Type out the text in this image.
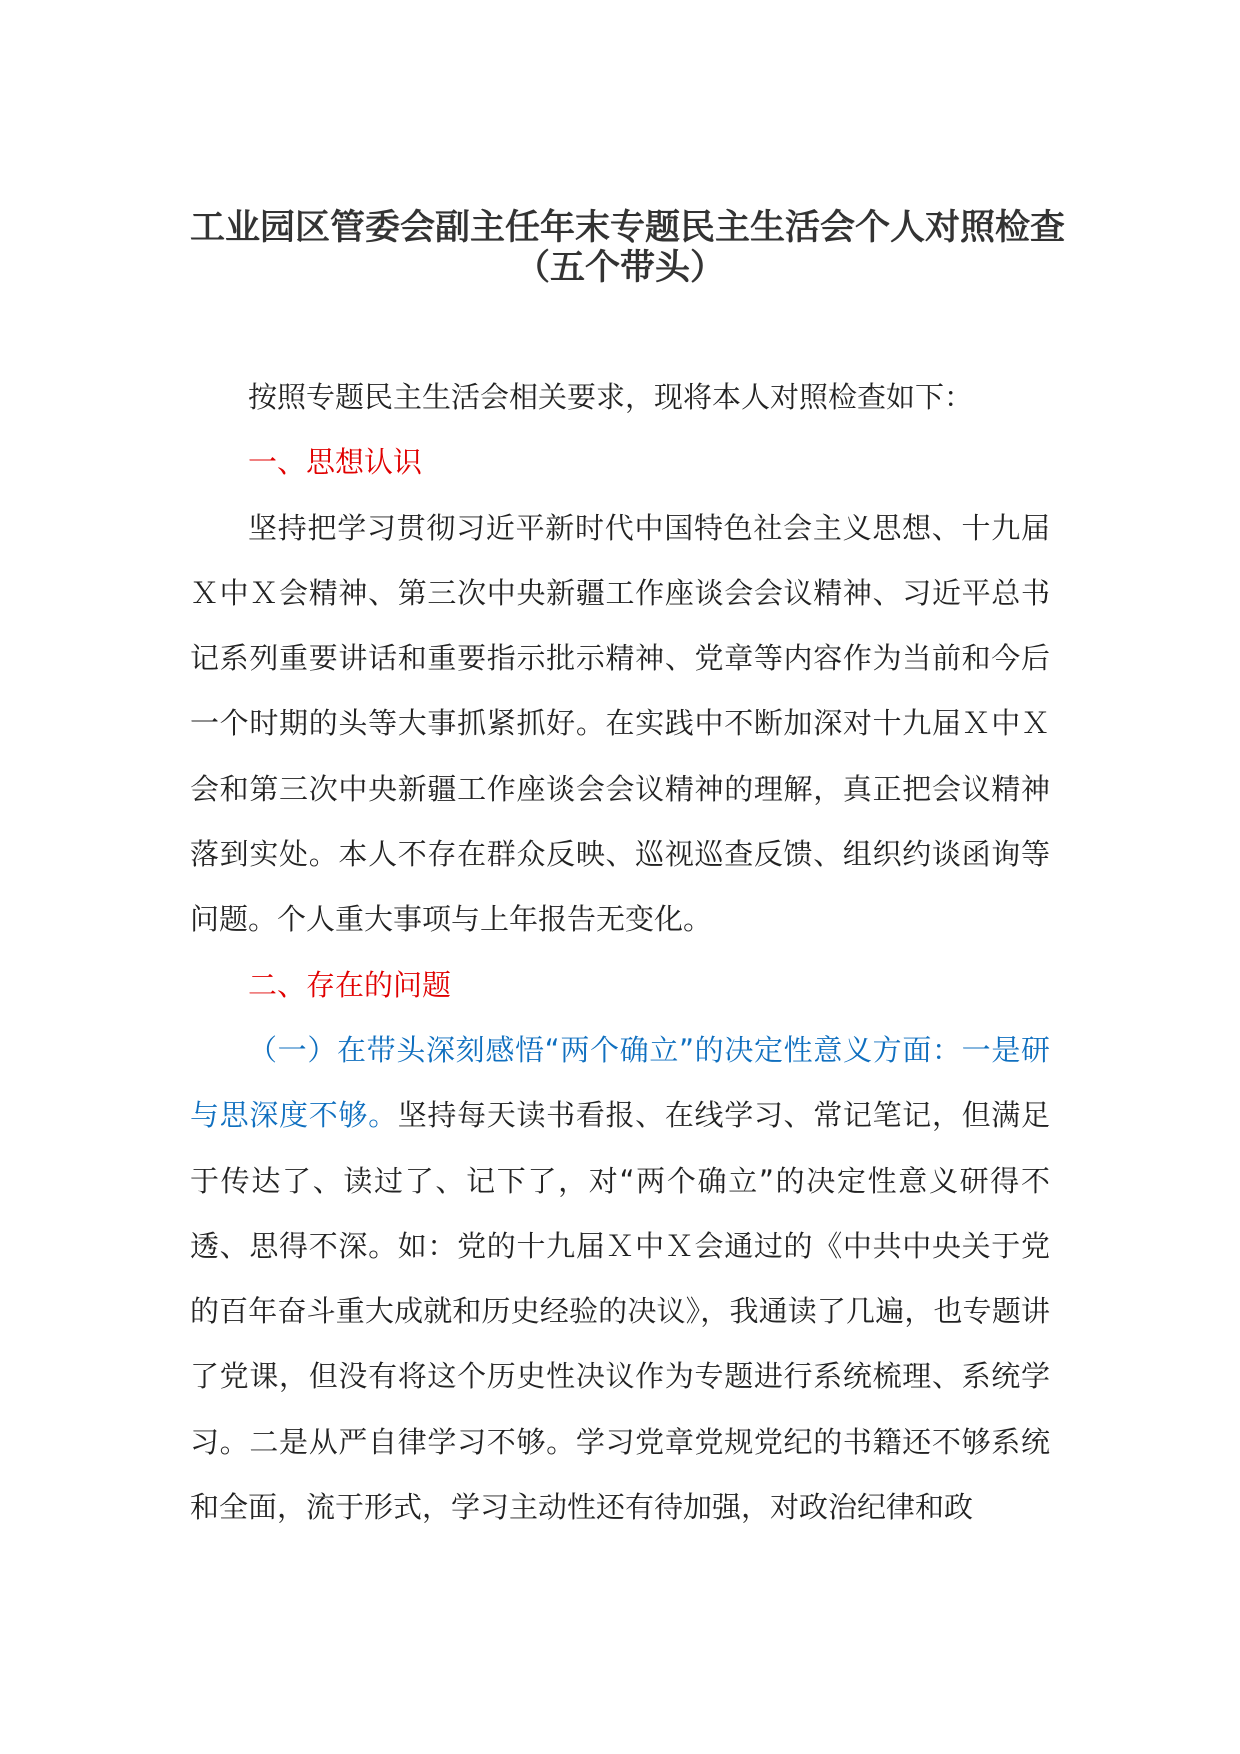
工业园区管委会副主任年末专题民主生活会个人对照检查
（五个带头）

按照专题民主生活会相关要求，现将本人对照检查如下：

一、思想认识

坚持把学习贯彻习近平新时代中国特色社会主义思想、十九届Ｘ中Ｘ会精神、第三次中央新疆工作座谈会会议精神、习近平总书记系列重要讲话和重要指示批示精神、党章等内容作为当前和今后一个时期的头等大事抓紧抓好。在实践中不断加深对十九届Ｘ中Ｘ会和第三次中央新疆工作座谈会会议精神的理解，真正把会议精神落到实处。本人不存在群众反映、巡视巡查反馈、组织约谈函询等问题。个人重大事项与上年报告无变化。

二、存在的问题

（一）在带头深刻感悟“两个确立”的决定性意义方面：一是研与思深度不够。坚持每天读书看报、在线学习、常记笔记，但满足于传达了、读过了、记下了，对“两个确立”的决定性意义研得不透、思得不深。如：党的十九届Ｘ中Ｘ会通过的《中共中央关于党的百年奋斗重大成就和历史经验的决议》，我通读了几遍，也专题讲了党课，但没有将这个历史性决议作为专题进行系统梳理、系统学习。二是从严自律学习不够。学习党章党规党纪的书籍还不够系统和全面，流于形式，学习主动性还有待加强，对政治纪律和政
